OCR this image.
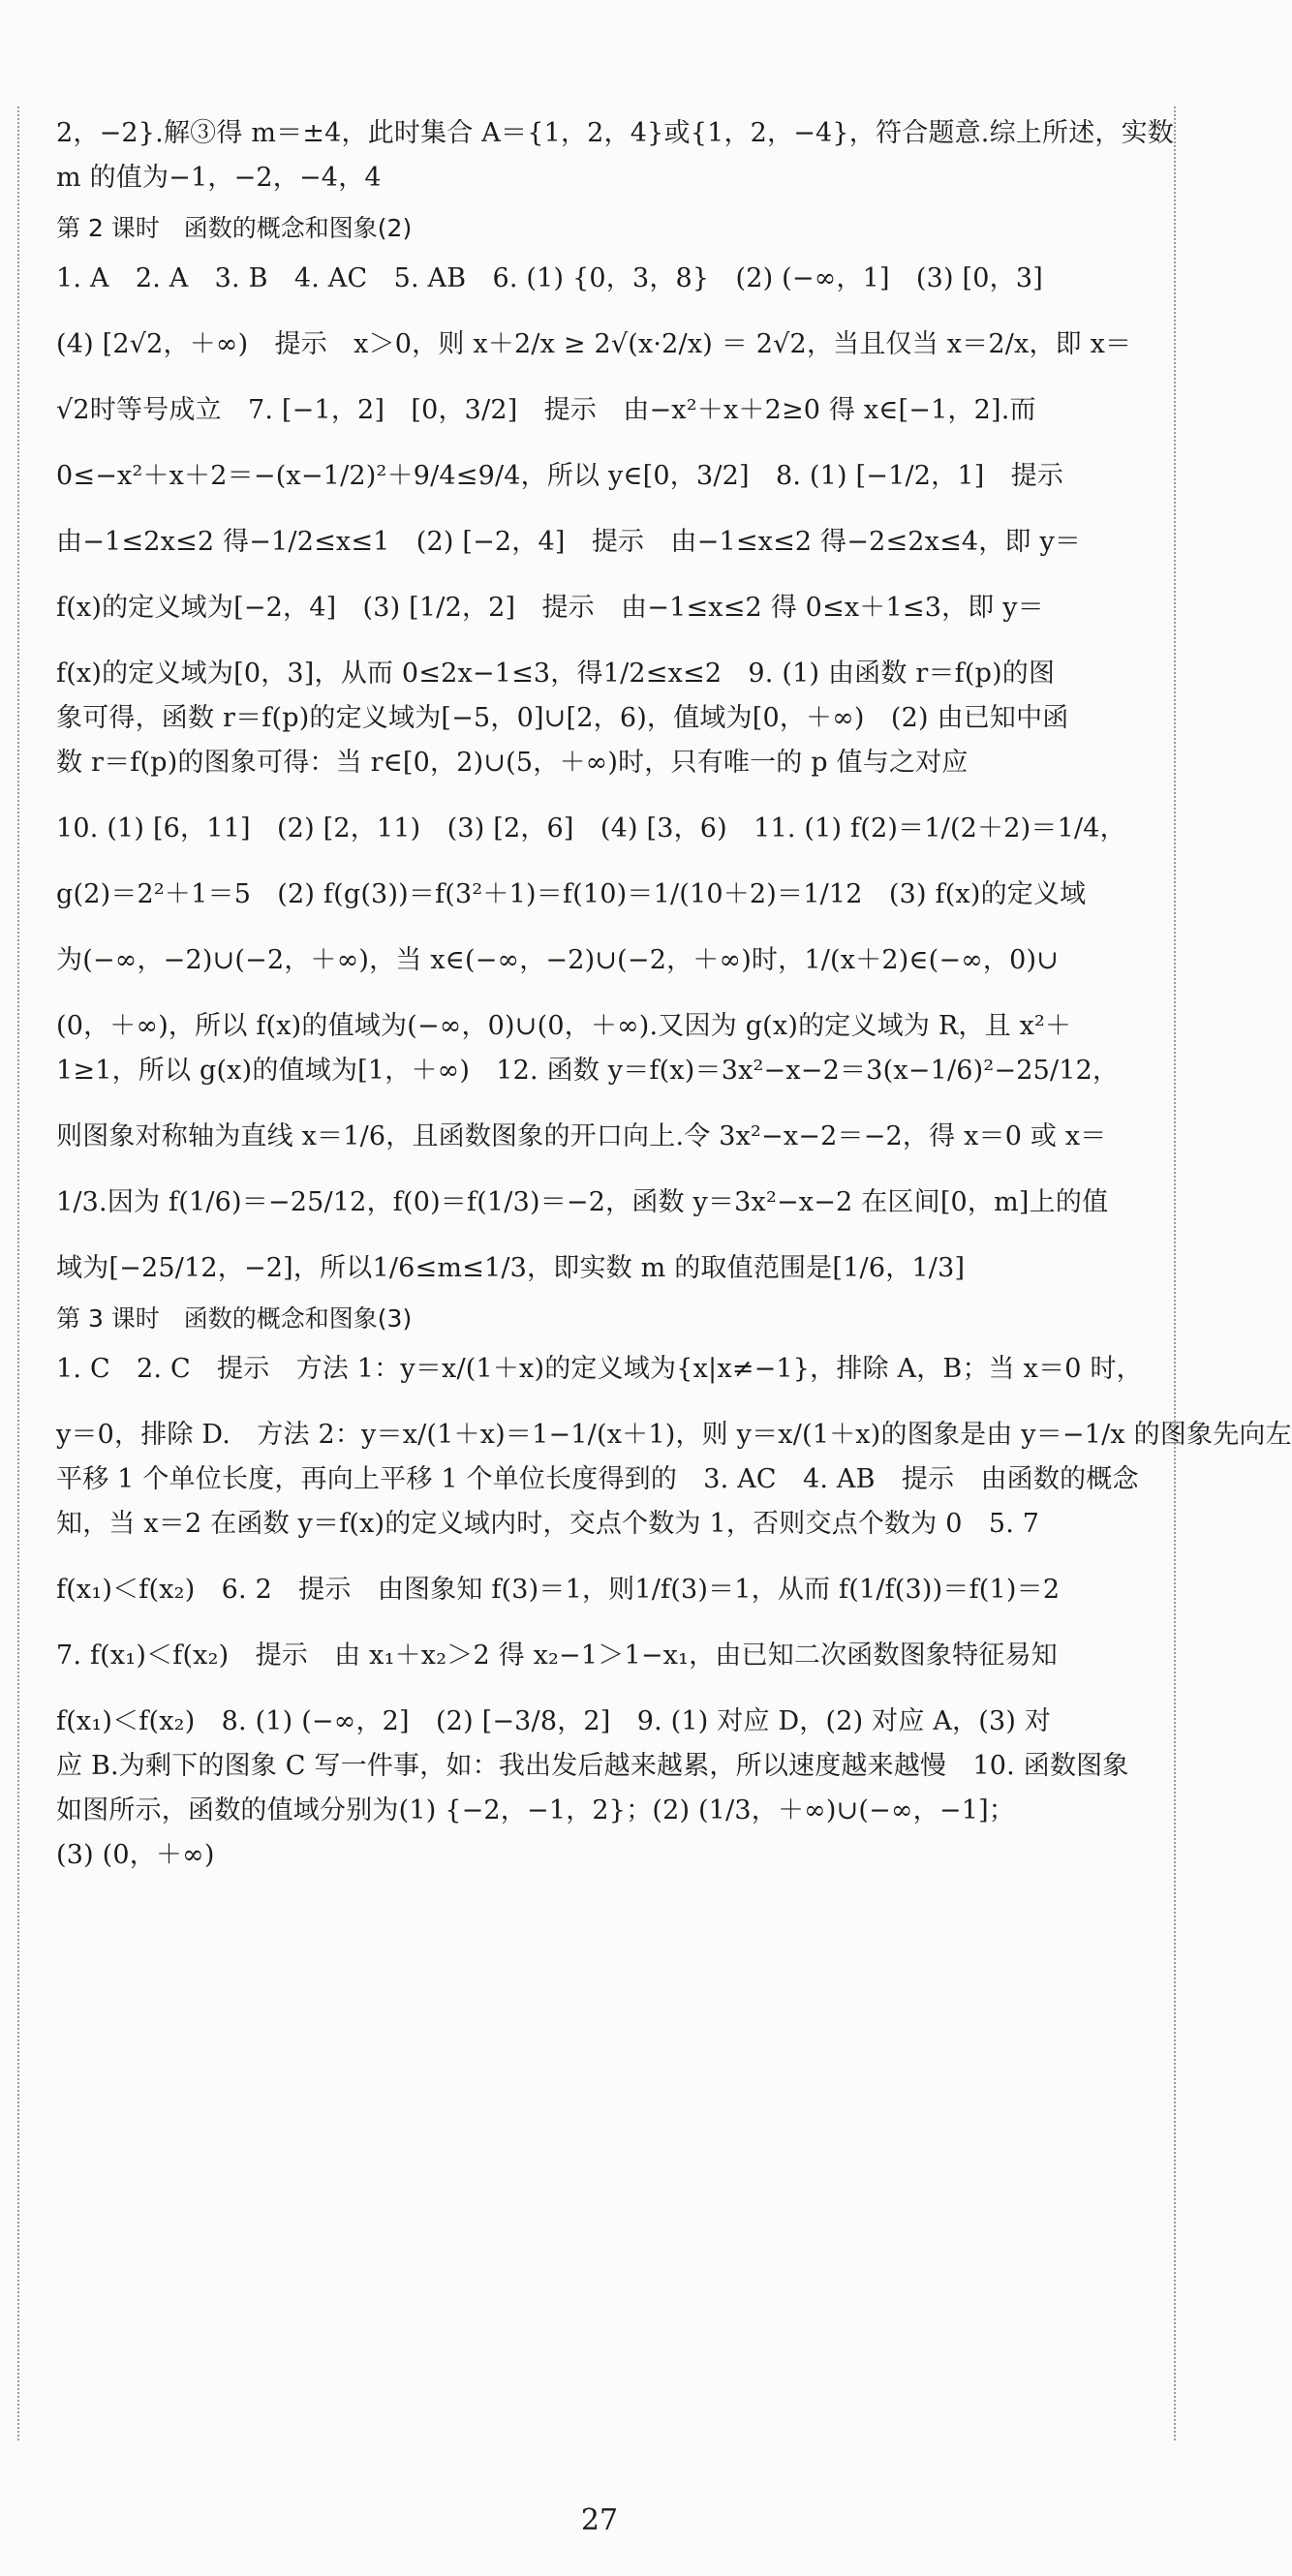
2，−2}.解③得 m＝±4，此时集合 A＝{1，2，4}或{1，2，−4}，符合题意.综上所述，实数
m 的值为−1，−2，−4，4
第 2 课时　函数的概念和图象(2)
1. A　2. A　3. B　4. AC　5. AB　6. (1) {0，3，8}　(2) (−∞，1]　(3) [0，3]
(4) [2√2，＋∞)　提示　x＞0，则 x＋2/x ≥ 2√(x·2/x) ＝ 2√2，当且仅当 x＝2/x，即 x＝
√2时等号成立　7. [−1，2]　[0，3/2]　提示　由−x²＋x＋2≥0 得 x∈[−1，2].而
0≤−x²＋x＋2＝−(x−1/2)²＋9/4≤9/4，所以 y∈[0，3/2]　8. (1) [−1/2，1]　提示
由−1≤2x≤2 得−1/2≤x≤1　(2) [−2，4]　提示　由−1≤x≤2 得−2≤2x≤4，即 y＝
f(x)的定义域为[−2，4]　(3) [1/2，2]　提示　由−1≤x≤2 得 0≤x＋1≤3，即 y＝
f(x)的定义域为[0，3]，从而 0≤2x−1≤3，得1/2≤x≤2　9. (1) 由函数 r＝f(p)的图
象可得，函数 r＝f(p)的定义域为[−5，0]∪[2，6)，值域为[0，＋∞)　(2) 由已知中函
数 r＝f(p)的图象可得：当 r∈[0，2)∪(5，＋∞)时，只有唯一的 p 值与之对应
10. (1) [6，11]　(2) [2，11)　(3) [2，6]　(4) [3，6)　11. (1) f(2)＝1/(2＋2)＝1/4，
g(2)＝2²＋1＝5　(2) f(g(3))＝f(3²＋1)＝f(10)＝1/(10＋2)＝1/12　(3) f(x)的定义域
为(−∞，−2)∪(−2，＋∞)，当 x∈(−∞，−2)∪(−2，＋∞)时，1/(x＋2)∈(−∞，0)∪
(0，＋∞)，所以 f(x)的值域为(−∞，0)∪(0，＋∞).又因为 g(x)的定义域为 R，且 x²＋
1≥1，所以 g(x)的值域为[1，＋∞)　12. 函数 y＝f(x)＝3x²−x−2＝3(x−1/6)²−25/12，
则图象对称轴为直线 x＝1/6，且函数图象的开口向上.令 3x²−x−2＝−2，得 x＝0 或 x＝
1/3.因为 f(1/6)＝−25/12，f(0)＝f(1/3)＝−2，函数 y＝3x²−x−2 在区间[0，m]上的值
域为[−25/12，−2]，所以1/6≤m≤1/3，即实数 m 的取值范围是[1/6，1/3]
第 3 课时　函数的概念和图象(3)
1. C　2. C　提示　方法 1：y＝x/(1＋x)的定义域为{x|x≠−1}，排除 A，B；当 x＝0 时，
y＝0，排除 D.　方法 2：y＝x/(1＋x)＝1−1/(x＋1)，则 y＝x/(1＋x)的图象是由 y＝−1/x 的图象先向左
平移 1 个单位长度，再向上平移 1 个单位长度得到的　3. AC　4. AB　提示　由函数的概念
知，当 x＝2 在函数 y＝f(x)的定义域内时，交点个数为 1，否则交点个数为 0　5. 7
f(x₁)＜f(x₂)　6. 2　提示　由图象知 f(3)＝1，则1/f(3)＝1，从而 f(1/f(3))＝f(1)＝2
7. f(x₁)＜f(x₂)　提示　由 x₁＋x₂＞2 得 x₂−1＞1−x₁，由已知二次函数图象特征易知
f(x₁)＜f(x₂)　8. (1) (−∞，2]　(2) [−3/8，2]　9. (1) 对应 D，(2) 对应 A，(3) 对
应 B.为剩下的图象 C 写一件事，如：我出发后越来越累，所以速度越来越慢　10. 函数图象
如图所示，函数的值域分别为(1) {−2，−1，2}；(2) (1/3，＋∞)∪(−∞，−1]；
(3) (0，＋∞)
27
